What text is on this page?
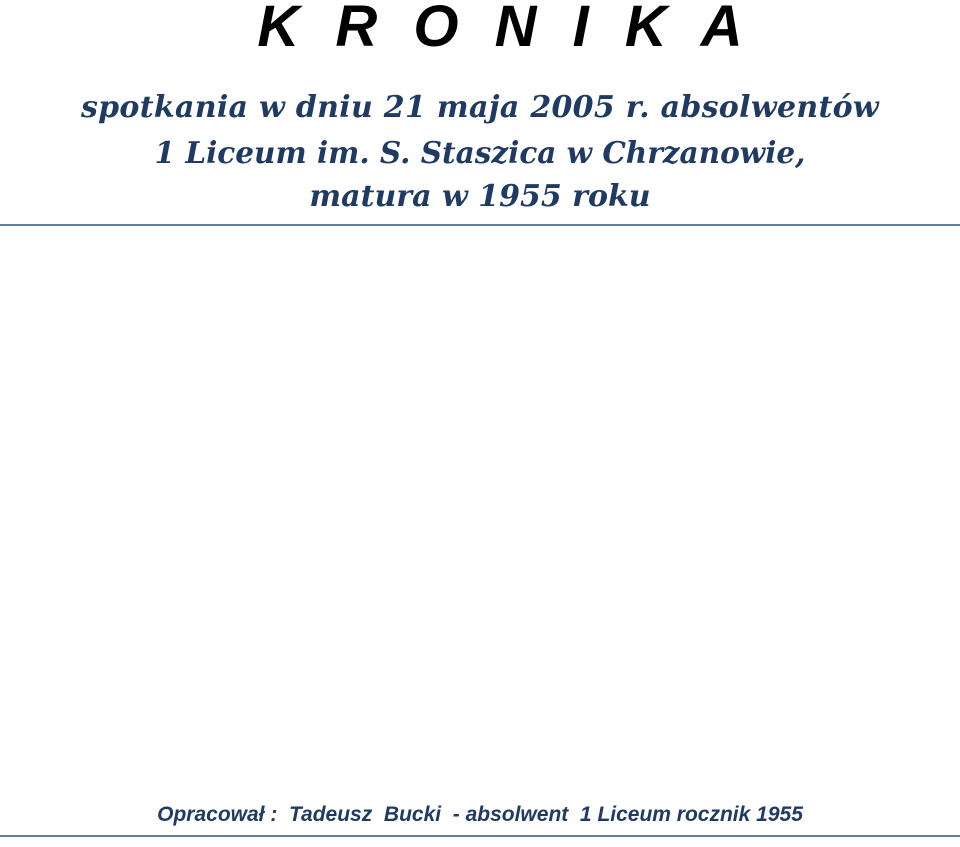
K R O N I K A
spotkania w dniu 21 maja 2005 r. absolwentów
1 Liceum im. S. Staszica w Chrzanowie,
matura w 1955 roku
Opracował :  Tadeusz  Bucki  - absolwent  1 Liceum rocznik 1955
